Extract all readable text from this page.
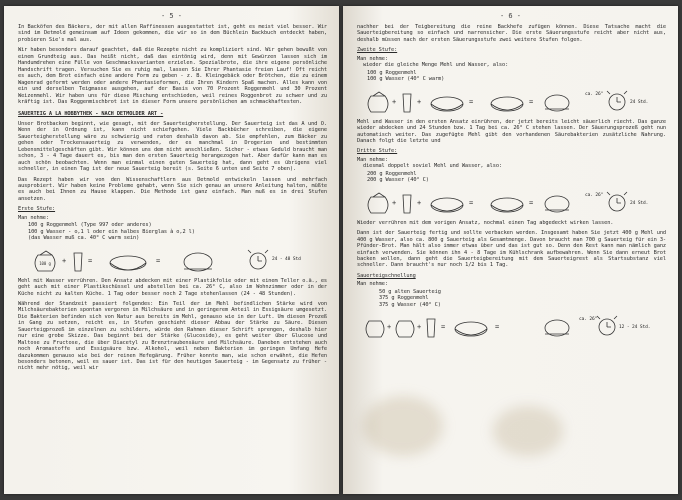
- 5 -

In Backöfen des Bäckers, der mit allen Raffinessen ausgestattet ist, geht es meist viel besser. Wir sind im Detmold gemeinsam auf Ideen gekommen, die wir so in dem Büchlein Backbuch entdeckt haben, probieren Sie's mal aus.

Wir haben besonders darauf geachtet, daß die Rezepte nicht zu kompliziert sind. Wir gehen bewußt von einem Grundteig aus. Das heißt nicht, daß das eintönig wird, denn mit Gewürzen lassen sich im Handumdrehen eine Fülle von Geschmacksvarianten erzielen. Spezialbrote, die ihre eigene persönliche Handschrift tragen. Versuchen Sie es ruhig mal, lassen Sie Ihrer Phantasie freien Lauf! Oft reicht es auch, dem Brot einfach eine andere Form zu geben - z. B. Kleingebäck oder Brötchen, die zu einem Wagenrad geformt werden oder andere Phantasieformen, die Ihren Kindern Spaß machen. Alles kann von ein und derselben Teigmasse ausgehen, auf der Basis von 70 Prozent Roggenmehl und 30 Prozent Weizenmehl. Wir haben uns für diese Mischung entschieden, weil reines Roggenbrot zu schwer und zu kräftig ist. Das Roggenmischbrot ist in dieser Form unsere persönlichen am schmackhaftesten.

SAUERTEIG A LA HOBBYTHEK - NACH DETMOLDER ART -

Unser Brotbacken beginnt, wie gesagt, mit der Sauerteigherstellung. Der Sauerteig ist das A und O. Wenn der in Ordnung ist, kann nicht schiefgehen. Viele Backbücher schreiben, die eigene Sauerteigherstellung wäre zu schwierig und raten deshalb davon ab. Sie empfehlen, zum Bäcker zu gehen oder Trockensauerteig zu verwenden, der es manchmal in Drogerien und bestimmten Lebensmittelgeschäften gibt. Wir können uns dem nicht anschließen. Sicher - etwas Geduld braucht man schon, 3 - 4 Tage dauert es, bis man den ersten Sauerteig herangezogen hat. Aber dafür kann man es auch schön beobachten. Wenn man einmal einen guten Sauerteig hat, dann geht es übrigens viel schneller, in einen Tag ist der neue Sauerteig bereit (s. Seite 6 unten und Seite 7 oben).

Das Rezept haben wir von den Wissenschaftlern aus Detmold entwickeln lassen und mehrfach ausprobiert. Wir haben keine Probleme gehabt, wenn Sie sich genau an unsere Anleitung halten, müßte es auch bei Ihnen zu Hause klappen. Die Methode ist ganz einfach. Man muß es in drei Stufen ansetzen.

Erste Stufe:
Man nehme:
100 g Roggenmehl (Type 997 oder anderes)
100 g Wasser - o,1 l oder ein halbes Bierglas à o,2 l)
(das Wasser muß ca. 40° C warm sein)
100 g +	=	=	24 - 48 Std

Mehl mit Wasser verrühren. Den Ansatz abdecken mit einer Plastikfolie oder mit einem Teller o.ä., es geht auch mit einer Plastikschüssel und abstellen bei ca. 26° C, also im Wohnzimmer oder in der Küche nicht zu kalten Küche. 1 Tag oder besser noch 2 Tage stehenlassen (24 - 48 Stunden).

Während der Standzeit passiert folgendes: Ein Teil der im Mehl befindlichen Stärke wird von Milchsäurebakterien spontan vergoren in Milchsäure und in geringerem Anteil in Essigsäure umgesetzt. Die Bakterien befinden sich von Natur aus bereits im Mehl, genauso wie in der Luft. Um diesen Prozeß in Gang zu setzen, reicht es, in Stufen geschieht dieser Abbau der Stärke zu Säure. Diesen Sauerteigprozeß im einzelnen zu schildern, würde den Rahmen dieser Schrift sprengen, deshalb hier nur eine grobe Skizze. Das beginnt bei der Stärke (Glucoside), es geht weiter über Glucose und Maltose zu Fructose, die über Diacetyl zu Brenztraubensäure und Milchsäure. Daneben entstehen auch noch Aromastoffe und Essigsäure bzw. Alkohol, weil neben Bakterien im geringen Umfang Hefe dazukommen genauso wie bei der reinen Hefegärung. Früher konnte man, wie schon erwähnt, die Hefen besonders betonen, weil es sauer ist. Das ist für den heutigen Sauerteig - im Gegensatz zu früher - nicht mehr nötig, weil wir

- 6 -

nachher bei der Teigbereitung die reine Backhefe zufügen können. Diese Tatsache macht die Sauerteigbereitung so einfach und narrensicher. Die erste Säuerungsstufe reicht aber nicht aus, deshalb müssen nach der ersten Säuerungsstufe zwei weitere Stufen folgen.

Zweite Stufe:
Man nehme:
wieder die gleiche Menge Mehl und Wasser, also:
100 g Roggenmehl
100 g Wasser (40° C warm)
+	+	=	=
ca. 26°
24 Std.

Mehl und Wasser in den ersten Ansatz einrühren, der jetzt bereits leicht säuerlich riecht. Das ganze wieder abdecken und 24 Stunden bzw. 1 Tag bei ca. 26° C stehen lassen. Der Säuerungsprozeß geht nun automatisch weiter. Das zugefügte Mehl gibt den vorhandenen Säurebakterien zusätzliche Nahrung. Danach folgt die letzte und

Dritte Stufe:
Man nehme:
diesmal doppelt soviel Mehl und Wasser, also:
200 g Roggenmehl
200 g Wasser (40° C)
+	+	=	=
ca. 26°
24 Std.

Wieder verrühren mit dem vorigen Ansatz, nochmal einen Tag abgedeckt wirken lassen.

Dann ist der Sauerteig fertig und sollte verbacken werden. Insgesamt haben Sie jetzt 400 g Mehl und 400 g Wasser, also ca. 800 g Sauerteig als Gesamtmenge. Davon braucht man 700 g Sauerteig für ein 3-Pfünder-Brot. Man hält also immer etwas über und das ist gut so. Denn den Rest kann man nämlich ganz einfach verwenden. Sie können ihn 4 - 8 Tage im Kühlschrank aufbewahren. Wenn Sie dann erneut Brot backen wollen, dann geht die Sauerteigbereitung mit dem Sauerteigrest als Startsubstanz viel schneller. Dann braucht's nur noch 1/2 bis 1 Tag.

Sauerteigschnellung
Man nehme:
50 g alten Sauerteig
375 g Roggenmehl
375 g Wasser (40° C)
+	+	=	=
ca. 26°
12 - 24 Std.
